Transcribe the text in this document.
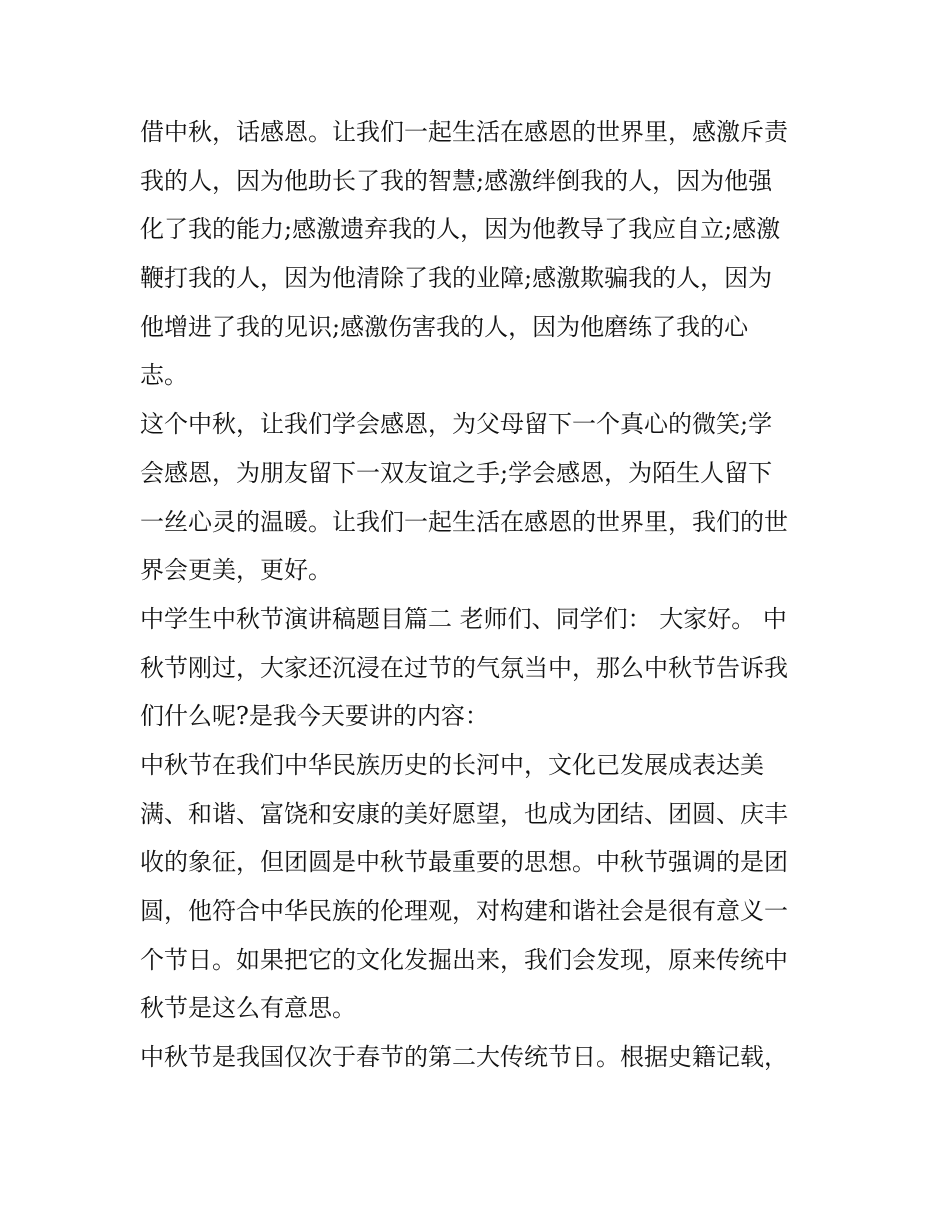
借中秋，话感恩。让我们一起生活在感恩的世界里，感激斥责
我的人，因为他助长了我的智慧;感激绊倒我的人，因为他强
化了我的能力;感激遗弃我的人，因为他教导了我应自立;感激
鞭打我的人，因为他清除了我的业障;感激欺骗我的人，因为
他增进了我的见识;感激伤害我的人，因为他磨练了我的心
志。
这个中秋，让我们学会感恩，为父母留下一个真心的微笑;学
会感恩，为朋友留下一双友谊之手;学会感恩，为陌生人留下
一丝心灵的温暖。让我们一起生活在感恩的世界里，我们的世
界会更美，更好。
中学生中秋节演讲稿题目篇二 老师们、同学们： 大家好。 中
秋节刚过，大家还沉浸在过节的气氛当中，那么中秋节告诉我
们什么呢?是我今天要讲的内容：
中秋节在我们中华民族历史的长河中，文化已发展成表达美
满、和谐、富饶和安康的美好愿望，也成为团结、团圆、庆丰
收的象征，但团圆是中秋节最重要的思想。中秋节强调的是团
圆，他符合中华民族的伦理观，对构建和谐社会是很有意义一
个节日。如果把它的文化发掘出来，我们会发现，原来传统中
秋节是这么有意思。
中秋节是我国仅次于春节的第二大传统节日。根据史籍记载，
